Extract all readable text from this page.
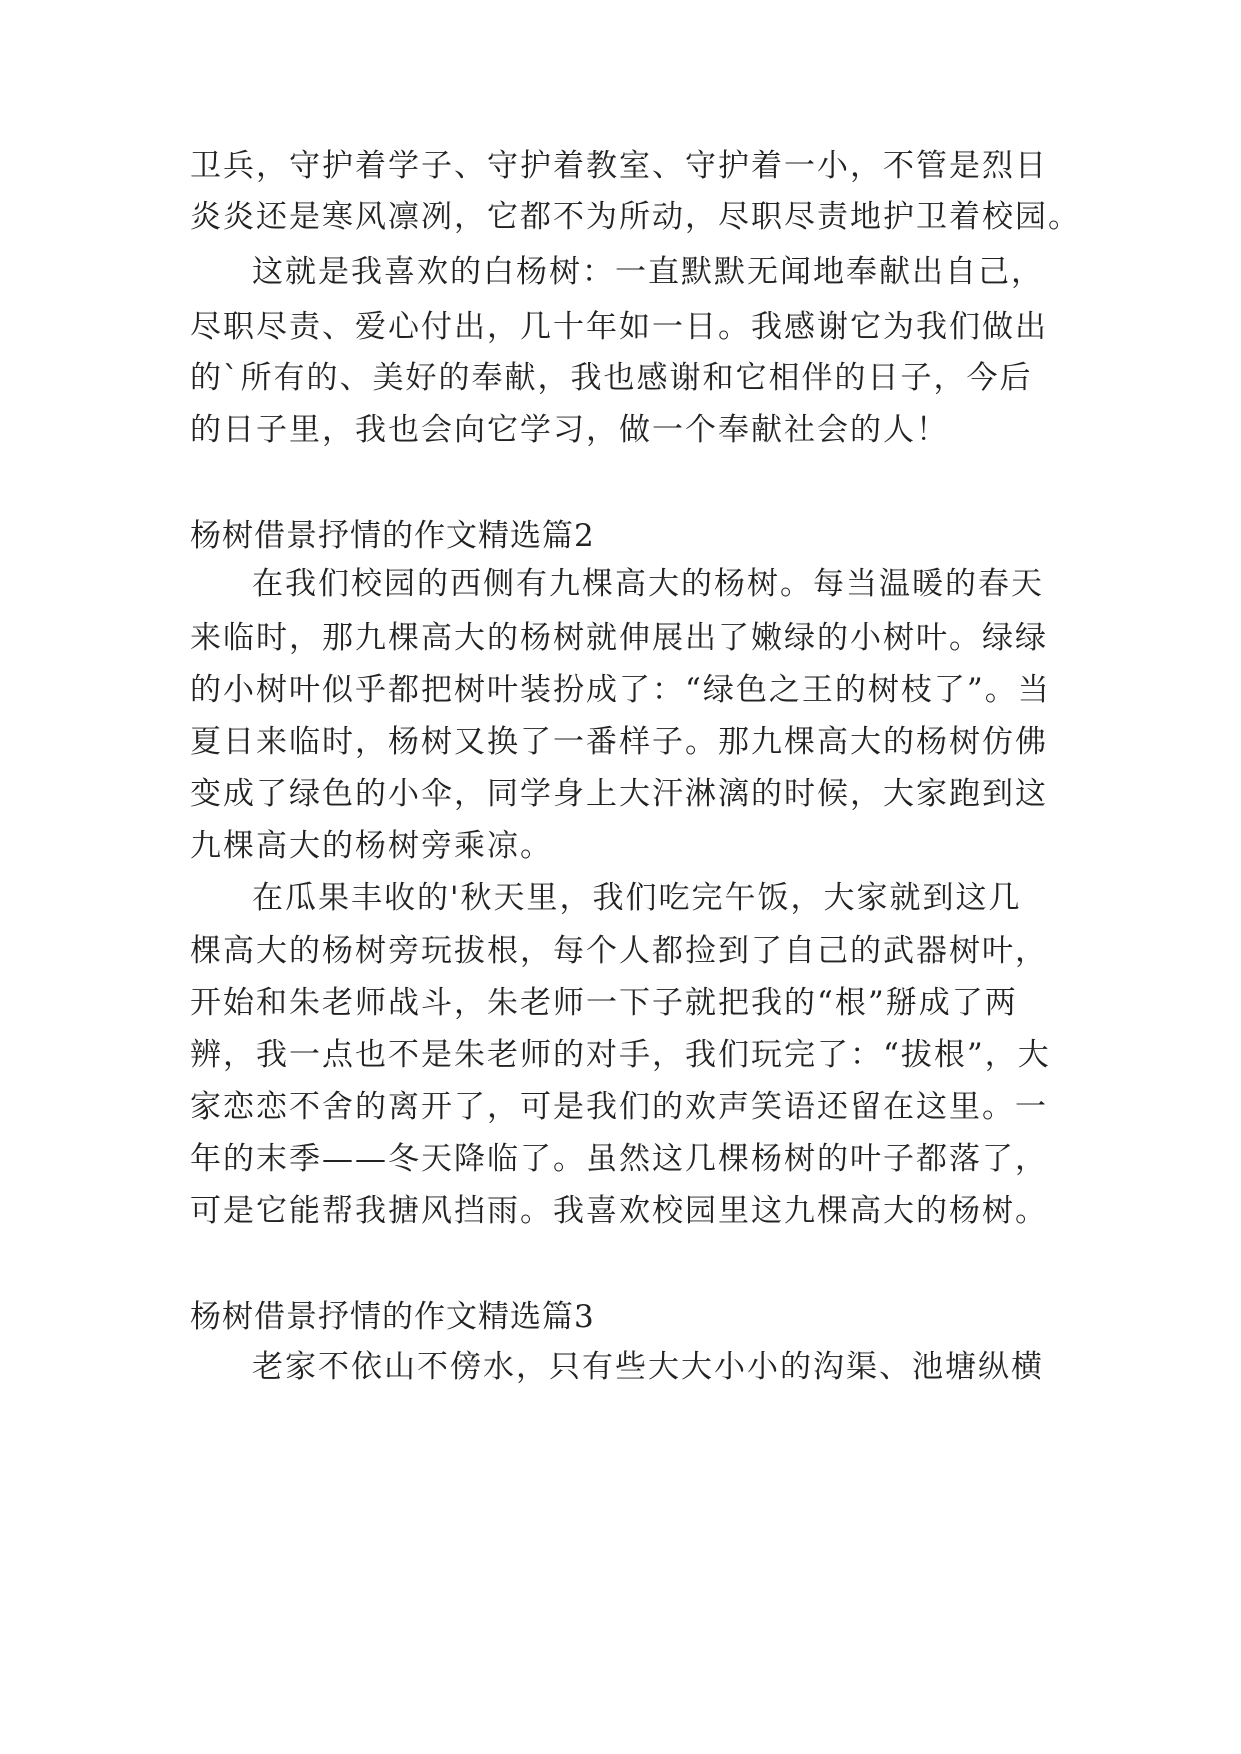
卫兵，守护着学子、守护着教室、守护着一小，不管是烈日
炎炎还是寒风凛冽，它都不为所动，尽职尽责地护卫着校园。
这就是我喜欢的白杨树：一直默默无闻地奉献出自己，
尽职尽责、爱心付出，几十年如一日。我感谢它为我们做出
的`所有的、美好的奉献，我也感谢和它相伴的日子，今后
的日子里，我也会向它学习，做一个奉献社会的人！
杨树借景抒情的作文精选篇2
在我们校园的西侧有九棵高大的杨树。每当温暖的春天
来临时，那九棵高大的杨树就伸展出了嫩绿的小树叶。绿绿
的小树叶似乎都把树叶装扮成了：“绿色之王的树枝了”。当
夏日来临时，杨树又换了一番样子。那九棵高大的杨树仿佛
变成了绿色的小伞，同学身上大汗淋漓的时候，大家跑到这
九棵高大的杨树旁乘凉。
在瓜果丰收的'秋天里，我们吃完午饭，大家就到这几
棵高大的杨树旁玩拔根，每个人都捡到了自己的武器树叶，
开始和朱老师战斗，朱老师一下子就把我的“根”掰成了两
辨，我一点也不是朱老师的对手，我们玩完了：“拔根”，大
家恋恋不舍的离开了，可是我们的欢声笑语还留在这里。一
年的末季——冬天降临了。虽然这几棵杨树的叶子都落了，
可是它能帮我搪风挡雨。我喜欢校园里这九棵高大的杨树。
杨树借景抒情的作文精选篇3
老家不依山不傍水，只有些大大小小的沟渠、池塘纵横
